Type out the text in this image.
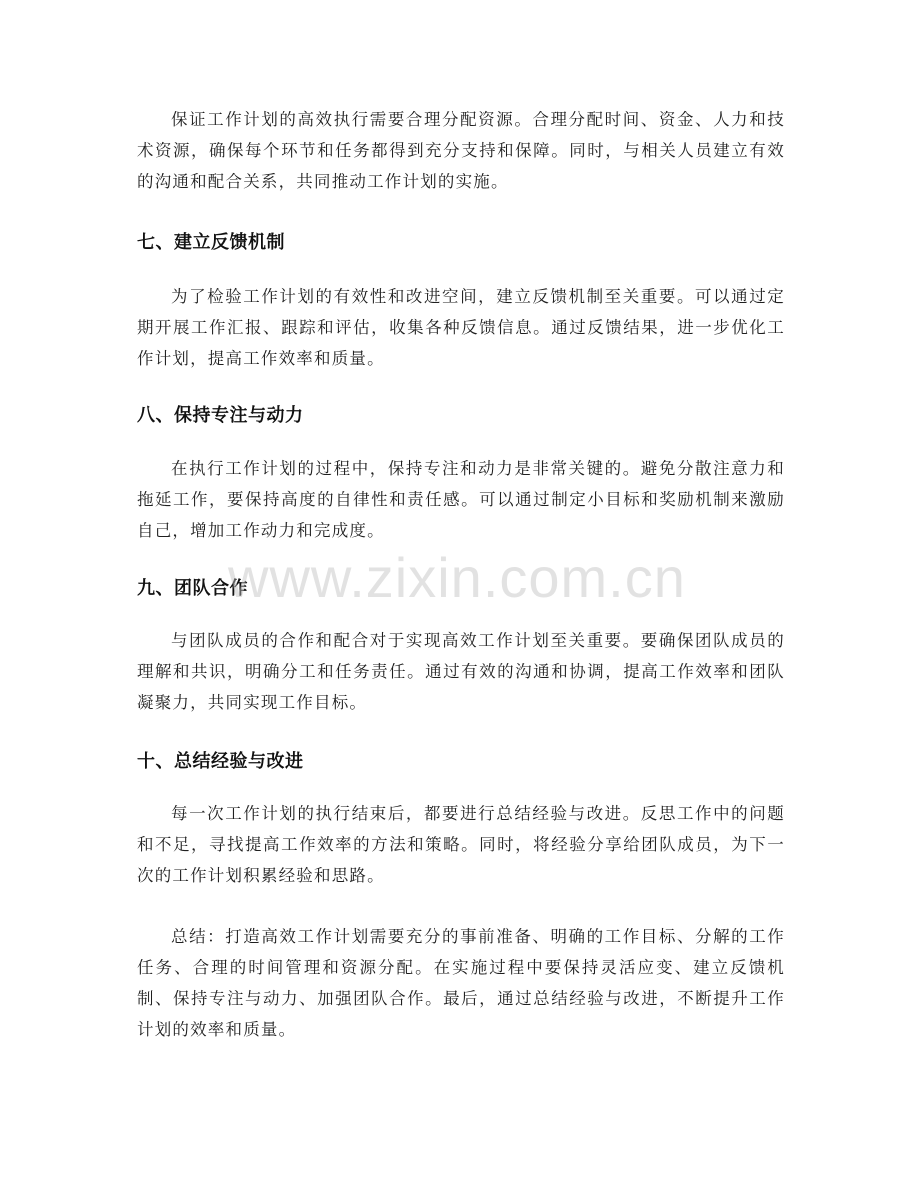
保证工作计划的高效执行需要合理分配资源。合理分配时间、资金、人力和技术资源，确保每个环节和任务都得到充分支持和保障。同时，与相关人员建立有效的沟通和配合关系，共同推动工作计划的实施。

七、建立反馈机制

为了检验工作计划的有效性和改进空间，建立反馈机制至关重要。可以通过定期开展工作汇报、跟踪和评估，收集各种反馈信息。通过反馈结果，进一步优化工作计划，提高工作效率和质量。

八、保持专注与动力

在执行工作计划的过程中，保持专注和动力是非常关键的。避免分散注意力和拖延工作，要保持高度的自律性和责任感。可以通过制定小目标和奖励机制来激励自己，增加工作动力和完成度。

九、团队合作

与团队成员的合作和配合对于实现高效工作计划至关重要。要确保团队成员的理解和共识，明确分工和任务责任。通过有效的沟通和协调，提高工作效率和团队凝聚力，共同实现工作目标。

十、总结经验与改进

每一次工作计划的执行结束后，都要进行总结经验与改进。反思工作中的问题和不足，寻找提高工作效率的方法和策略。同时，将经验分享给团队成员，为下一次的工作计划积累经验和思路。

总结：打造高效工作计划需要充分的事前准备、明确的工作目标、分解的工作任务、合理的时间管理和资源分配。在实施过程中要保持灵活应变、建立反馈机制、保持专注与动力、加强团队合作。最后，通过总结经验与改进，不断提升工作计划的效率和质量。

www.zixin.com.cn
